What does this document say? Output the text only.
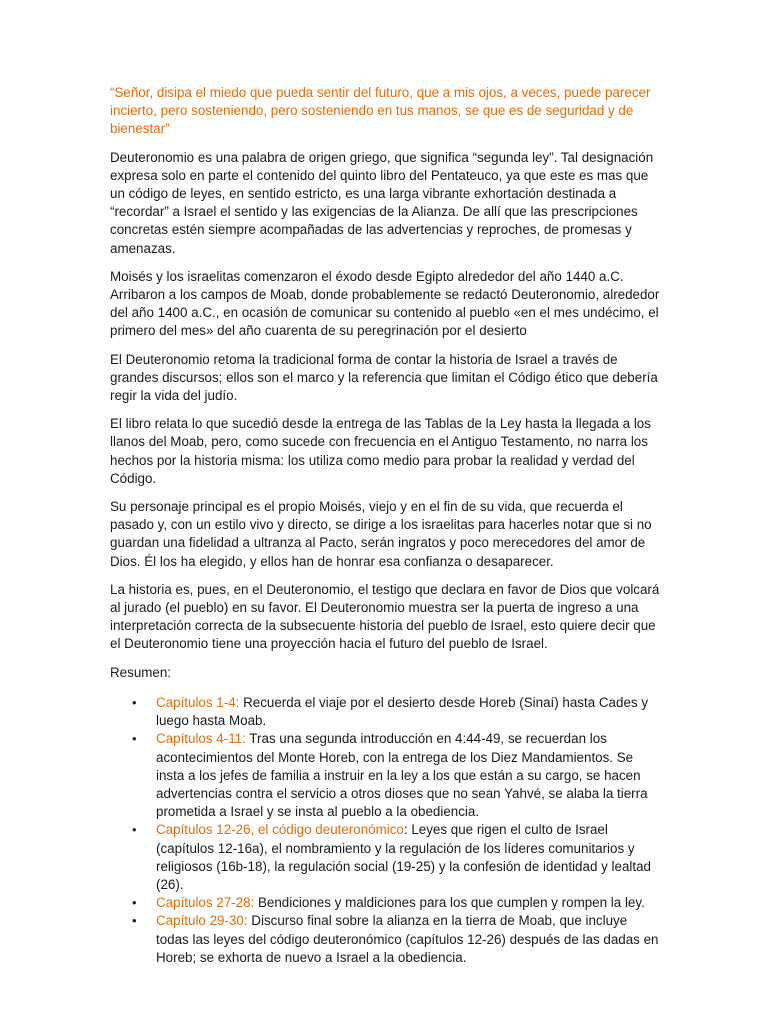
“Señor, disipa el miedo que pueda sentir del futuro, que a mis ojos, a veces, puede parecer incierto, pero sosteniendo, pero sosteniendo en tus manos, se que es de seguridad y de bienestar”

Deuteronomio es una palabra de origen griego, que significa “segunda ley”. Tal designación expresa solo en parte el contenido del quinto libro del Pentateuco, ya que este es mas que un código de leyes, en sentido estricto, es una larga vibrante exhortación destinada a “recordar” a Israel el sentido y las exigencias de la Alianza. De allí que las prescripciones concretas estén siempre acompañadas de las advertencias y reproches, de promesas y amenazas.

Moisés y los israelitas comenzaron el éxodo desde Egipto alrededor del año 1440 a.C. Arribaron a los campos de Moab, donde probablemente se redactó Deuteronomio, alrededor del año 1400 a.C., en ocasión de comunicar su contenido al pueblo «en el mes undécimo, el primero del mes» del año cuarenta de su peregrinación por el desierto

El Deuteronomio retoma la tradicional forma de contar la historia de Israel a través de grandes discursos; ellos son el marco y la referencia que limitan el Código ético que debería regir la vida del judío.

El libro relata lo que sucedió desde la entrega de las Tablas de la Ley hasta la llegada a los llanos del Moab, pero, como sucede con frecuencia en el Antiguo Testamento, no narra los hechos por la historia misma: los utiliza como medio para probar la realidad y verdad del Código.

Su personaje principal es el propio Moisés, viejo y en el fin de su vida, que recuerda el pasado y, con un estilo vivo y directo, se dirige a los israelitas para hacerles notar que si no guardan una fidelidad a ultranza al Pacto, serán ingratos y poco merecedores del amor de Dios. Él los ha elegido, y ellos han de honrar esa confianza o desaparecer.

La historia es, pues, en el Deuteronomio, el testigo que declara en favor de Dios que volcará al jurado (el pueblo) en su favor. El Deuteronomio muestra ser la puerta de ingreso a una interpretación correcta de la subsecuente historia del pueblo de Israel, esto quiere decir que el Deuteronomio tiene una proyección hacia el futuro del pueblo de Israel.

Resumen:

• Capítulos 1-4: Recuerda el viaje por el desierto desde Horeb (Sinaí) hasta Cades y luego hasta Moab.
• Capítulos 4-11: Tras una segunda introducción en 4:44-49, se recuerdan los acontecimientos del Monte Horeb, con la entrega de los Diez Mandamientos. Se insta a los jefes de familia a instruir en la ley a los que están a su cargo, se hacen advertencias contra el servicio a otros dioses que no sean Yahvé, se alaba la tierra prometida a Israel y se insta al pueblo a la obediencia.
• Capítulos 12-26, el código deuteronómico: Leyes que rigen el culto de Israel (capítulos 12-16a), el nombramiento y la regulación de los líderes comunitarios y religiosos (16b-18), la regulación social (19-25) y la confesión de identidad y lealtad (26).
• Capítulos 27-28: Bendiciones y maldiciones para los que cumplen y rompen la ley.
• Capítulo 29-30: Discurso final sobre la alianza en la tierra de Moab, que incluye todas las leyes del código deuteronómico (capítulos 12-26) después de las dadas en Horeb; se exhorta de nuevo a Israel a la obediencia.
